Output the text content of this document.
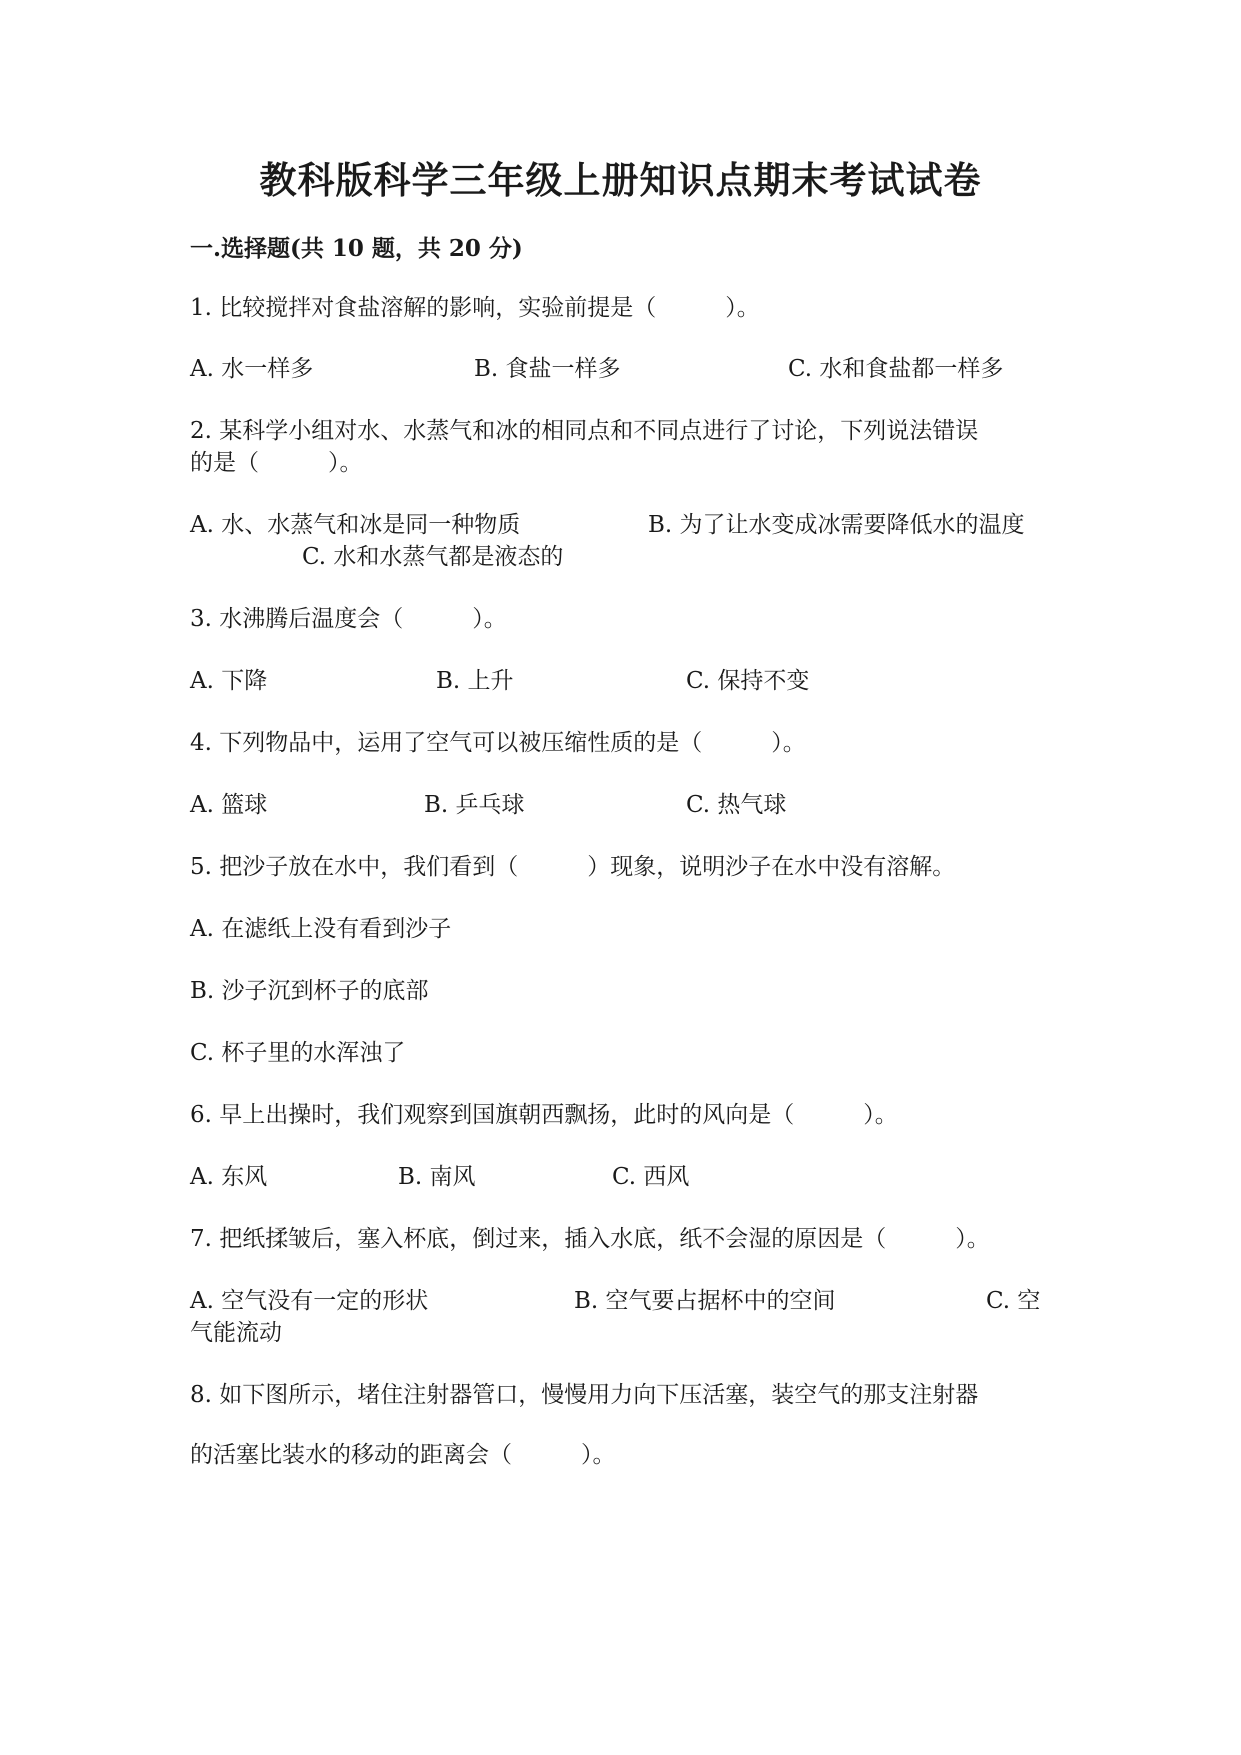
教科版科学三年级上册知识点期末考试试卷
一.选择题(共 10 题，共 20 分)
1. 比较搅拌对食盐溶解的影响，实验前提是（　　　）。
A. 水一样多	B. 食盐一样多	C. 水和食盐都一样多
2. 某科学小组对水、水蒸气和冰的相同点和不同点进行了讨论，下列说法错误
的是（　　　）。
A. 水、水蒸气和冰是同一种物质	B. 为了让水变成冰需要降低水的温度
C. 水和水蒸气都是液态的
3. 水沸腾后温度会（　　　）。
A. 下降	B. 上升	C. 保持不变
4. 下列物品中，运用了空气可以被压缩性质的是（　　　）。
A. 篮球	B. 乒乓球	C. 热气球
5. 把沙子放在水中，我们看到（　　　）现象，说明沙子在水中没有溶解。
A. 在滤纸上没有看到沙子
B. 沙子沉到杯子的底部
C. 杯子里的水浑浊了
6. 早上出操时，我们观察到国旗朝西飘扬，此时的风向是（　　　）。
A. 东风	B. 南风	C. 西风
7. 把纸揉皱后，塞入杯底，倒过来，插入水底，纸不会湿的原因是（　　　）。
A. 空气没有一定的形状	B. 空气要占据杯中的空间	C. 空
气能流动
8. 如下图所示，堵住注射器管口，慢慢用力向下压活塞，装空气的那支注射器
的活塞比装水的移动的距离会（　　　）。
